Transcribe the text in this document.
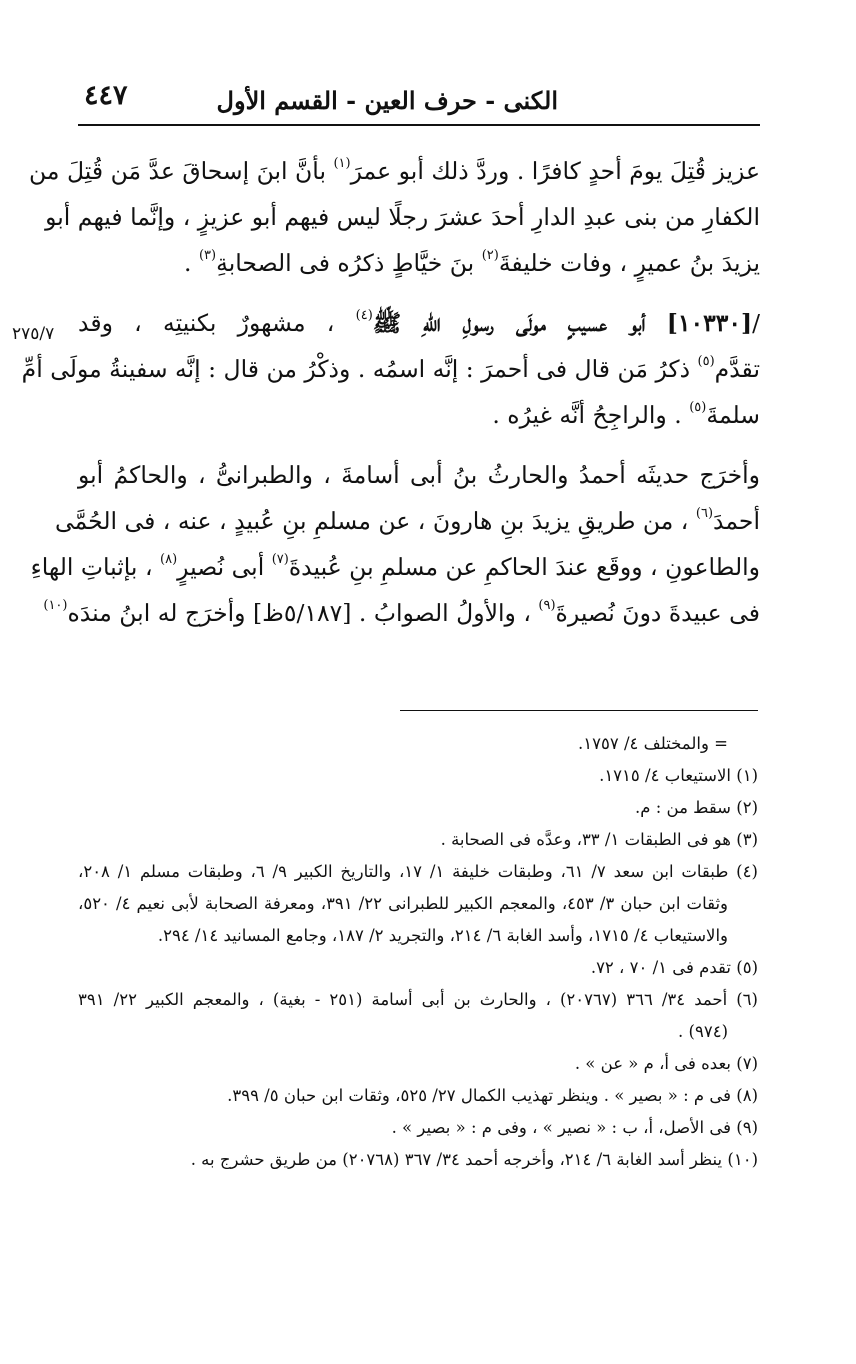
٤٤٧	الكنى - حرف العين - القسم الأول
٢٧٥/٧
عزيز قُتِلَ يومَ أحدٍ كافرًا . وردَّ ذلك أبو عمرَ$^{(١)}$ بأنَّ ابنَ إسحاقَ عدَّ مَن قُتِلَ من
الكفارِ من بنى عبدِ الدارِ أحدَ عشرَ رجلًا ليس فيهم أبو عزيزٍ ، وإنَّما فيهم أبو
يزيدَ بنُ عميرٍ ، وفات خليفةَ$^{(٢)}$ بنَ خيَّاطٍ ذكرُه فى الصحابةِ$^{(٣)}$ .
/[١٠٣٣٠] أبو عسيبٍ مولَى رسولِ اللهِ ﷺ$^{(٤)}$ ، مشهورٌ بكنيتِه ، وقد
تقدَّم$^{(٥)}$ ذكرُ مَن قال فى أحمرَ : إنَّه اسمُه . وذكْرُ من قال : إنَّه سفينةُ مولَى أمِّ
سلمةَ$^{(٥)}$ . والراجِحُ أنَّه غيرُه .
وأخرَج حديثَه أحمدُ والحارثُ بنُ أبى أسامةَ ، والطبرانىُّ ، والحاكمُ أبو
أحمدَ$^{(٦)}$ ، من طريقِ يزيدَ بنِ هارونَ ، عن مسلمِ بنِ عُبيدٍ ، عنه ، فى الحُمَّى
والطاعونِ ، ووقَع عندَ الحاكمِ عن مسلمِ بنِ عُبيدةَ$^{(٧)}$ أبى نُصيرٍ$^{(٨)}$ ، بإثباتِ الهاءِ
فى عبيدةَ دونَ نُصيرةَ$^{(٩)}$ ، والأولُ الصوابُ . [٥/١٨٧ظ] وأخرَج له ابنُ مندَه$^{(١٠)}$
= والمختلف ٤/ ١٧٥٧.
(١) الاستيعاب ٤/ ١٧١٥.
(٢) سقط من : م.
(٣) هو فى الطبقات ١/ ٣٣، وعدَّه فى الصحابة .
(٤) طبقات ابن سعد ٧/ ٦١، وطبقات خليفة ١/ ١٧، والتاريخ الكبير ٩/ ٦، وطبقات مسلم ١/ ٢٠٨،
وثقات ابن حبان ٣/ ٤٥٣، والمعجم الكبير للطبرانى ٢٢/ ٣٩١، ومعرفة الصحابة لأبى نعيم ٤/ ٥٢٠،
والاستيعاب ٤/ ١٧١٥، وأسد الغابة ٦/ ٢١٤، والتجريد ٢/ ١٨٧، وجامع المسانيد ١٤/ ٢٩٤.
(٥) تقدم فى ١/ ٧٠ ، ٧٢.
(٦) أحمد ٣٤/ ٣٦٦ (٢٠٧٦٧) ، والحارث بن أبى أسامة (٢٥١ - بغية) ، والمعجم الكبير ٢٢/ ٣٩١
(٩٧٤) .
(٧) بعده فى أ، م « عن » .
(٨) فى م : « بصير » . وينظر تهذيب الكمال ٢٧/ ٥٢٥، وثقات ابن حبان ٥/ ٣٩٩.
(٩) فى الأصل، أ، ب : « نصير » ، وفى م : « بصير » .
(١٠) ينظر أسد الغابة ٦/ ٢١٤، وأخرجه أحمد ٣٤/ ٣٦٧ (٢٠٧٦٨) من طريق حشرج به .
